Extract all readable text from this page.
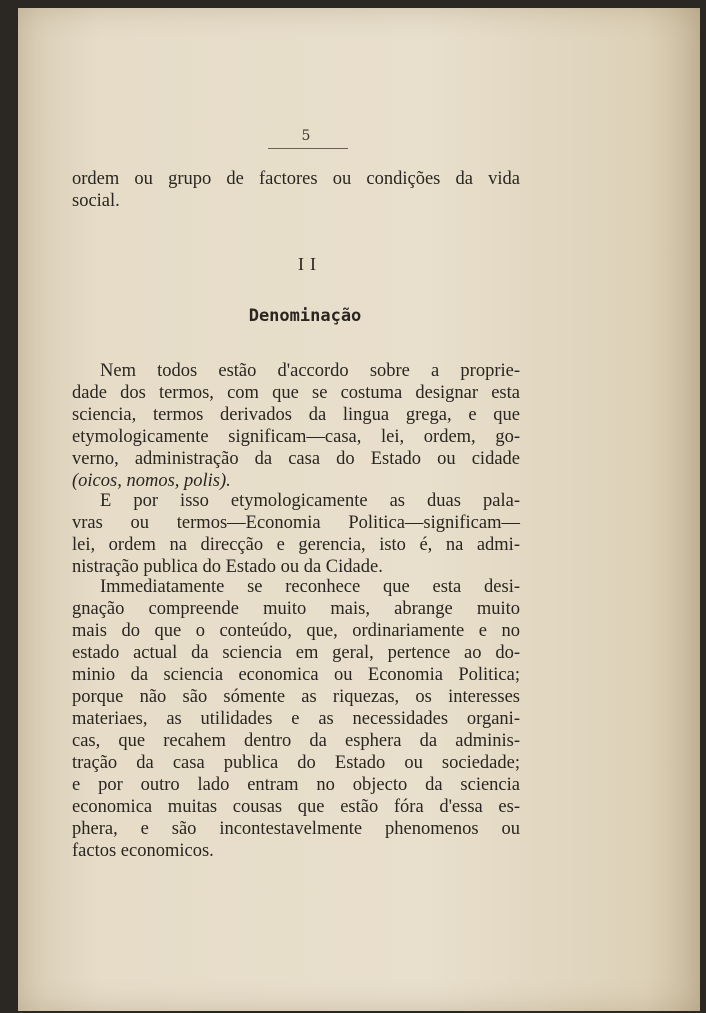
5
ordem ou grupo de factores ou condições da vida
social.
II
Denominação
Nem todos estão d'accordo sobre a proprie-
dade dos termos, com que se costuma designar esta
sciencia, termos derivados da lingua grega, e que
etymologicamente significam—casa, lei, ordem, go-
verno, administração da casa do Estado ou cidade
(oicos, nomos, polis).
E por isso etymologicamente as duas pala-
vras ou termos—Economia Politica—significam—
lei, ordem na direcção e gerencia, isto é, na admi-
nistração publica do Estado ou da Cidade.
Immediatamente se reconhece que esta desi-
gnação compreende muito mais, abrange muito
mais do que o conteúdo, que, ordinariamente e no
estado actual da sciencia em geral, pertence ao do-
minio da sciencia economica ou Economia Politica;
porque não são sómente as riquezas, os interesses
materiaes, as utilidades e as necessidades organi-
cas, que recahem dentro da esphera da adminis-
tração da casa publica do Estado ou sociedade;
e por outro lado entram no objecto da sciencia
economica muitas cousas que estão fóra d'essa es-
phera, e são incontestavelmente phenomenos ou
factos economicos.
